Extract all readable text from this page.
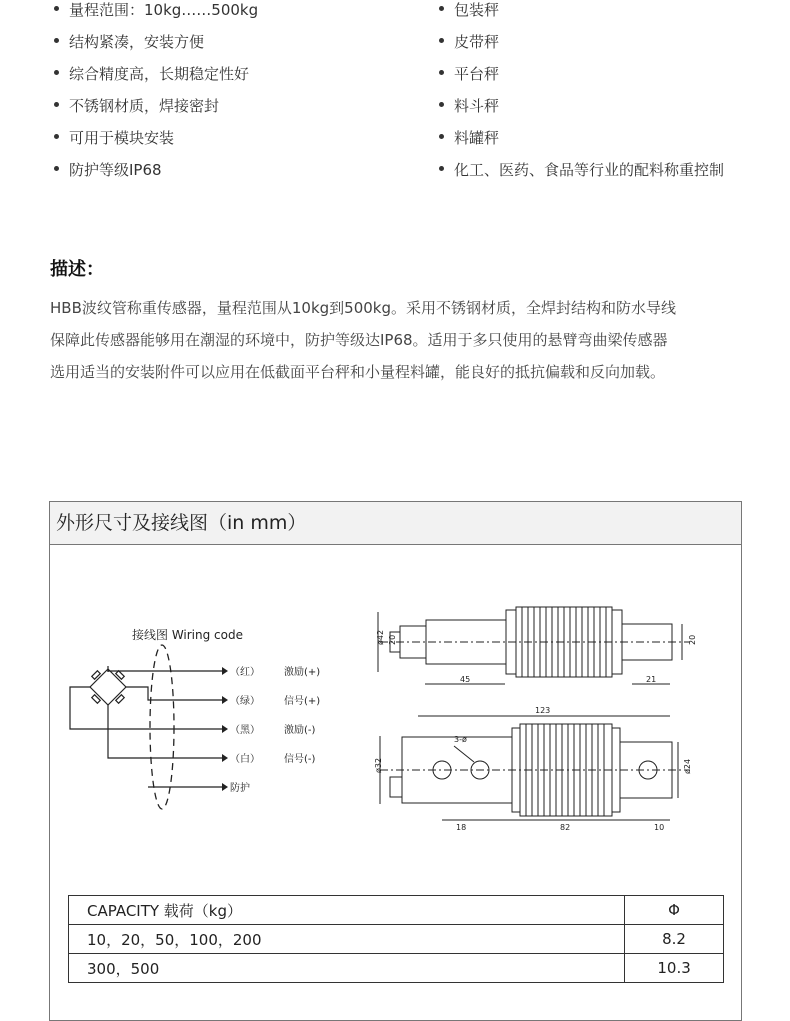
量程范围：10kg……500kg
结构紧凑，安装方便
综合精度高，长期稳定性好
不锈钢材质，焊接密封
可用于模块安装
防护等级IP68
包装秤
皮带秤
平台秤
料斗秤
料罐秤
化工、医药、食品等行业的配料称重控制
描述：
HBB波纹管称重传感器，量程范围从10kg到500kg。采用不锈钢材质，全焊封结构和防水导线
保障此传感器能够用在潮湿的环境中，防护等级达IP68。适用于多只使用的悬臂弯曲梁传感器
选用适当的安装附件可以应用在低截面平台秤和小量程料罐，能良好的抵抗偏载和反向加载。
外形尺寸及接线图（in mm）
接线图 Wiring code
（红） 激励(+)
（绿） 信号(+)
（黑） 激励(-)
（白） 信号(-)
防护
ø42 20
45	21
20
123
3-ø
ø32	ø24
18	82	10
CAPACITY 载荷（kg）	Φ
10，20，50，100，200	8.2
300，500	10.3
